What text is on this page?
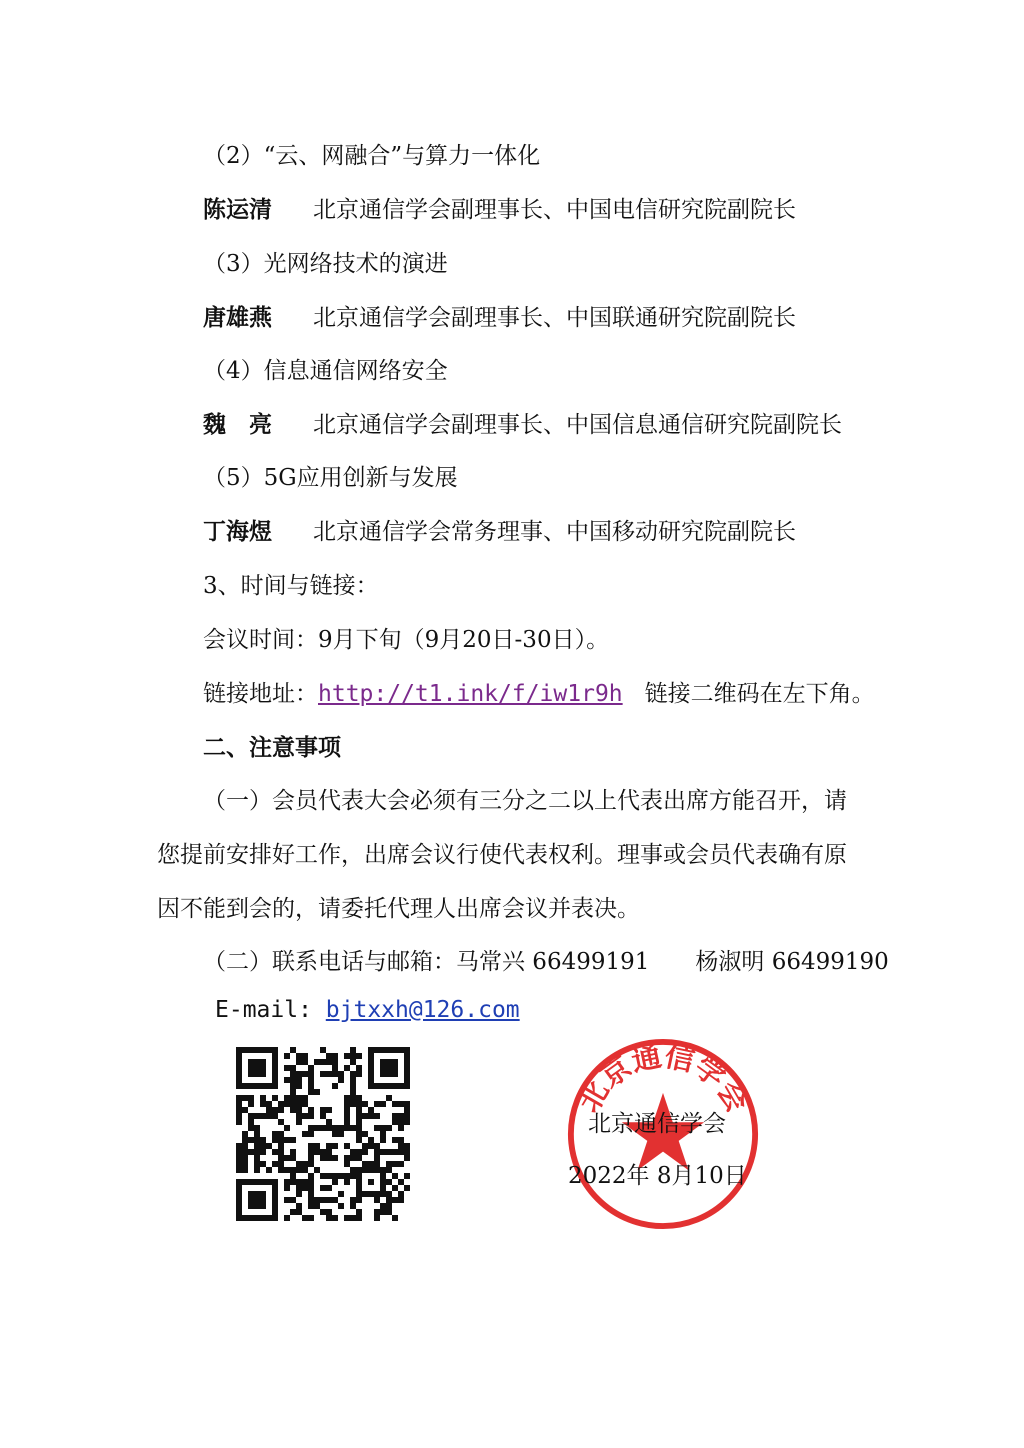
（2）“云、网融合”与算力一体化
陈运清 北京通信学会副理事长、中国电信研究院副院长
（3）光网络技术的演进
唐雄燕 北京通信学会副理事长、中国联通研究院副院长
（4）信息通信网络安全
魏　亮 北京通信学会副理事长、中国信息通信研究院副院长
（5）5G应用创新与发展
丁海煜 北京通信学会常务理事、中国移动研究院副院长
3、时间与链接：
会议时间：9月下旬（9月20日-30日）。
链接地址：http://t1.ink/f/iw1r9h 链接二维码在左下角。
二、注意事项
（一）会员代表大会必须有三分之二以上代表出席方能召开，请
您提前安排好工作，出席会议行使代表权利。理事或会员代表确有原
因不能到会的，请委托代理人出席会议并表决。
（二）联系电话与邮箱：马常兴 66499191　　杨淑明 66499190
E-mail: bjtxxh@126.com
北京通信学会
北京通信学会
2022年 8月10日
